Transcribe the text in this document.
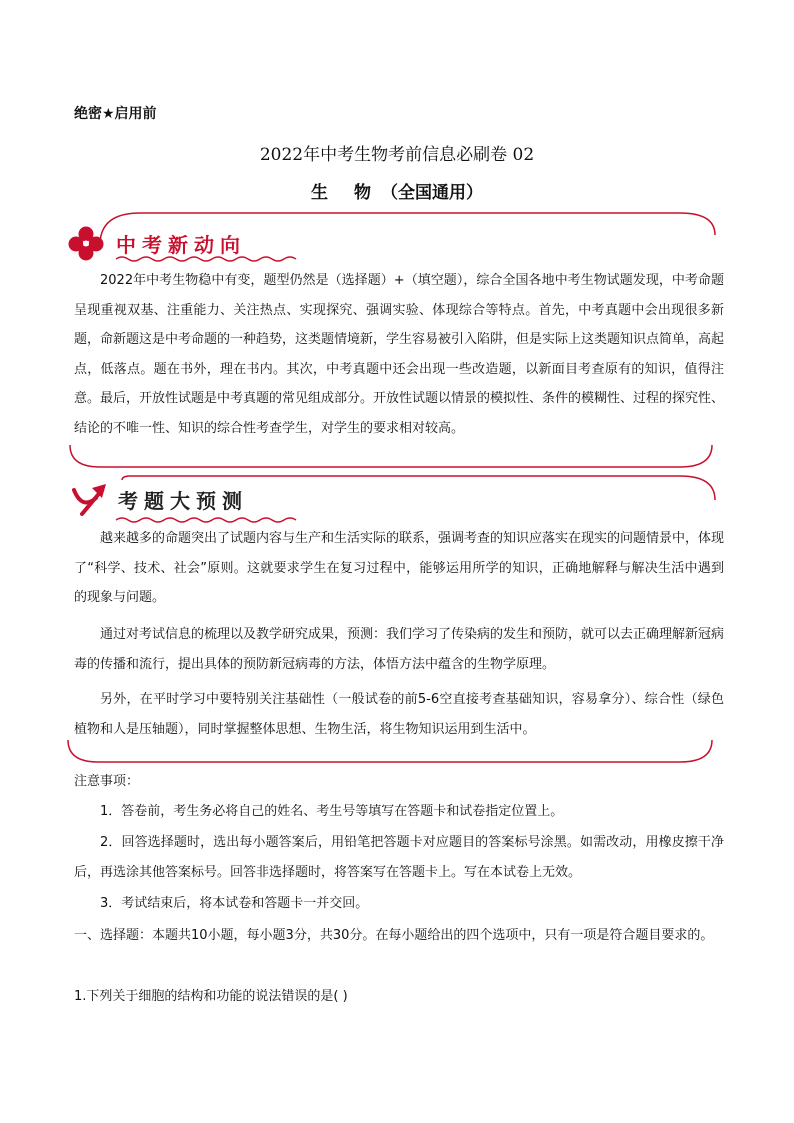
绝密★启用前
2022年中考生物考前信息必刷卷 02
生 物（全国通用）
中考新动向
2022年中考生物稳中有变，题型仍然是（选择题）+（填空题），综合全国各地中考生物试题发现，中考命题呈现重视双基、注重能力、关注热点、实现探究、强调实验、体现综合等特点。首先，中考真题中会出现很多新题，命新题这是中考命题的一种趋势，这类题情境新，学生容易被引入陷阱，但是实际上这类题知识点简单，高起点，低落点。题在书外，理在书内。其次，中考真题中还会出现一些改造题，以新面目考查原有的知识，值得注意。最后，开放性试题是中考真题的常见组成部分。开放性试题以情景的模拟性、条件的模糊性、过程的探究性、结论的不唯一性、知识的综合性考查学生，对学生的要求相对较高。
考题大预测
越来越多的命题突出了试题内容与生产和生活实际的联系，强调考查的知识应落实在现实的问题情景中，体现了“科学、技术、社会”原则。这就要求学生在复习过程中，能够运用所学的知识，正确地解释与解决生活中遇到的现象与问题。
通过对考试信息的梳理以及教学研究成果，预测：我们学习了传染病的发生和预防，就可以去正确理解新冠病毒的传播和流行，提出具体的预防新冠病毒的方法，体悟方法中蕴含的生物学原理。
另外，在平时学习中要特别关注基础性（一般试卷的前5-6空直接考查基础知识，容易拿分）、综合性（绿色植物和人是压轴题），同时掌握整体思想、生物生活，将生物知识运用到生活中。
注意事项：
1．答卷前，考生务必将自己的姓名、考生号等填写在答题卡和试卷指定位置上。
2．回答选择题时，选出每小题答案后，用铅笔把答题卡对应题目的答案标号涂黑。如需改动，用橡皮擦干净后，再选涂其他答案标号。回答非选择题时，将答案写在答题卡上。写在本试卷上无效。
3．考试结束后，将本试卷和答题卡一并交回。
一、选择题：本题共10小题，每小题3分，共30分。在每小题给出的四个选项中，只有一项是符合题目要求的。
1.下列关于细胞的结构和功能的说法错误的是( )
